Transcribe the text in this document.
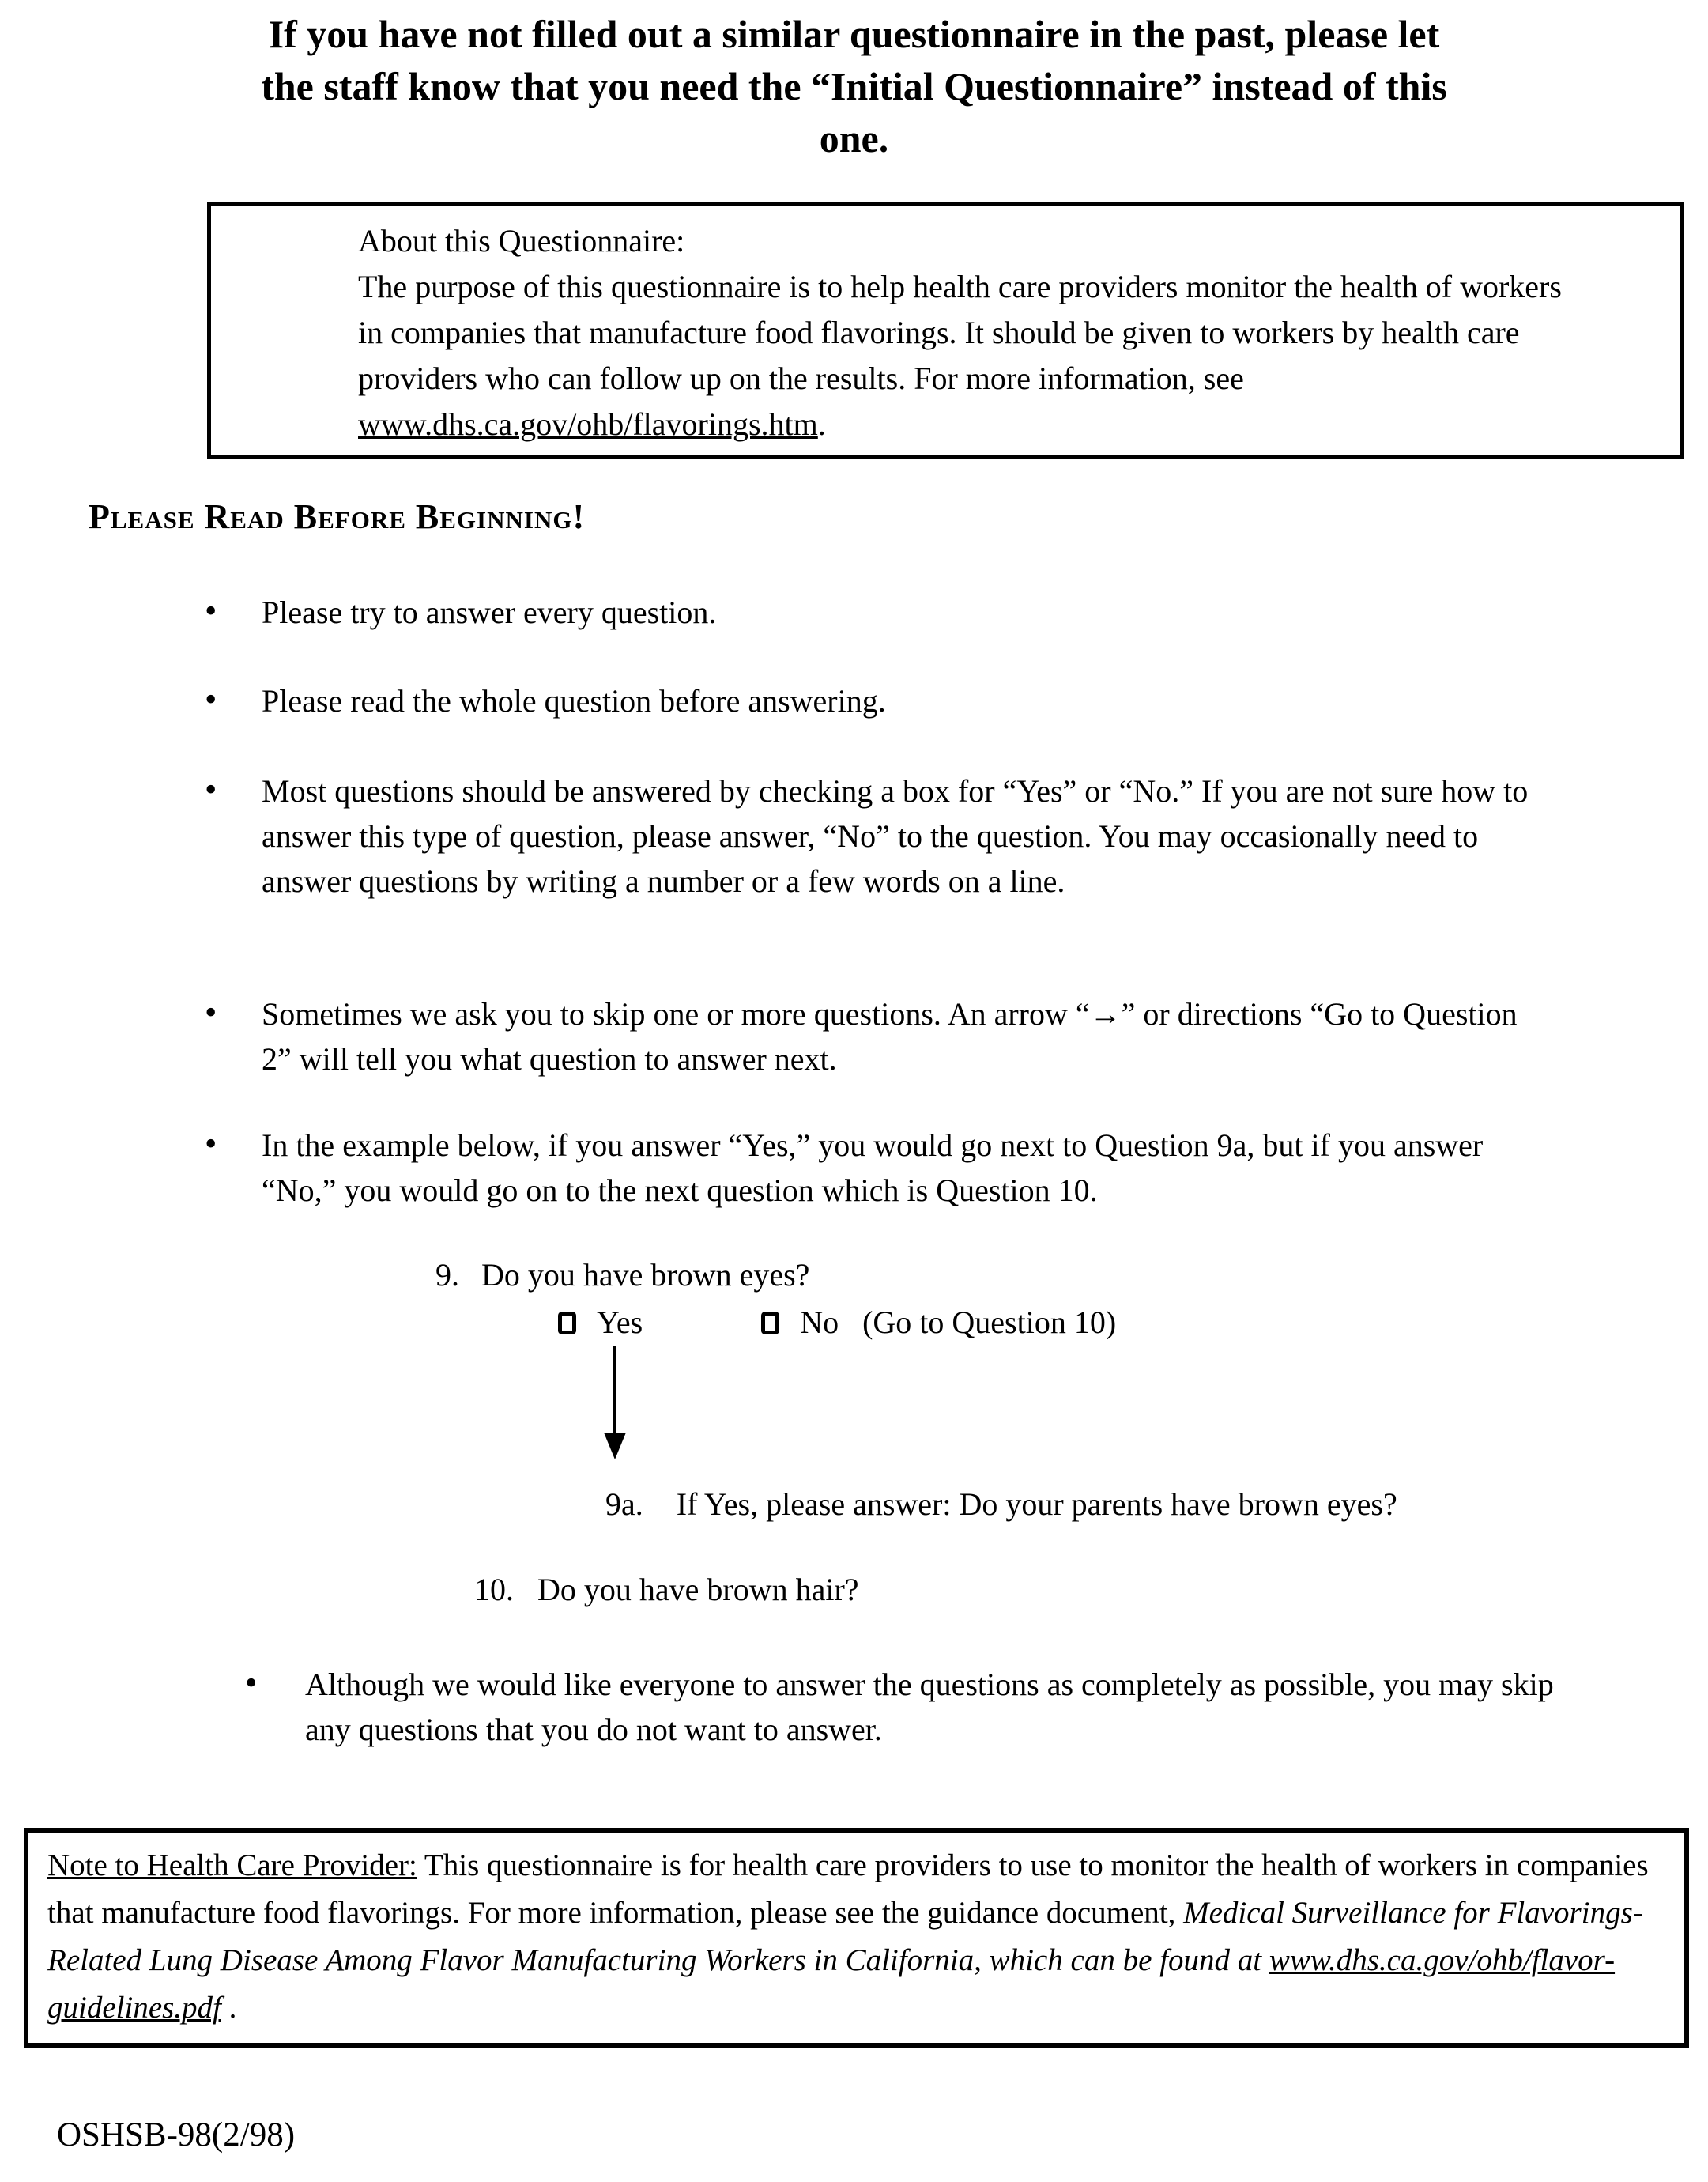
If you have not filled out a similar questionnaire in the past, please let
the staff know that you need the “Initial Questionnaire” instead of this
one.
About this Questionnaire:

The purpose of this questionnaire is to help health care providers monitor the health of workers in companies that manufacture food flavorings. It should be given to workers by health care providers who can follow up on the results. For more information, see www.dhs.ca.gov/ohb/flavorings.htm.

Please Read Before Beginning!
• Please try to answer every question.
• Please read the whole question before answering.
• Most questions should be answered by checking a box for “Yes” or “No.” If you are not sure how to answer this type of question, please answer, “No” to the question. You may occasionally need to answer questions by writing a number or a few words on a line.
• Sometimes we ask you to skip one or more questions. An arrow “→” or directions “Go to Question 2” will tell you what question to answer next.
• In the example below, if you answer “Yes,” you would go next to Question 9a, but if you answer “No,” you would go on to the next question which is Question 10.
9. Do you have brown eyes?
Yes	No (Go to Question 10)
9a. If Yes, please answer: Do your parents have brown eyes?
10. Do you have brown hair?
• Although we would like everyone to answer the questions as completely as possible, you may skip any questions that you do not want to answer.

Note to Health Care Provider: This questionnaire is for health care providers to use to monitor the health of workers in companies that manufacture food flavorings. For more information, please see the guidance document, Medical Surveillance for Flavorings-Related Lung Disease Among Flavor Manufacturing Workers in California, which can be found at www.dhs.ca.gov/ohb/flavor-guidelines.pdf .

OSHSB-98(2/98)
